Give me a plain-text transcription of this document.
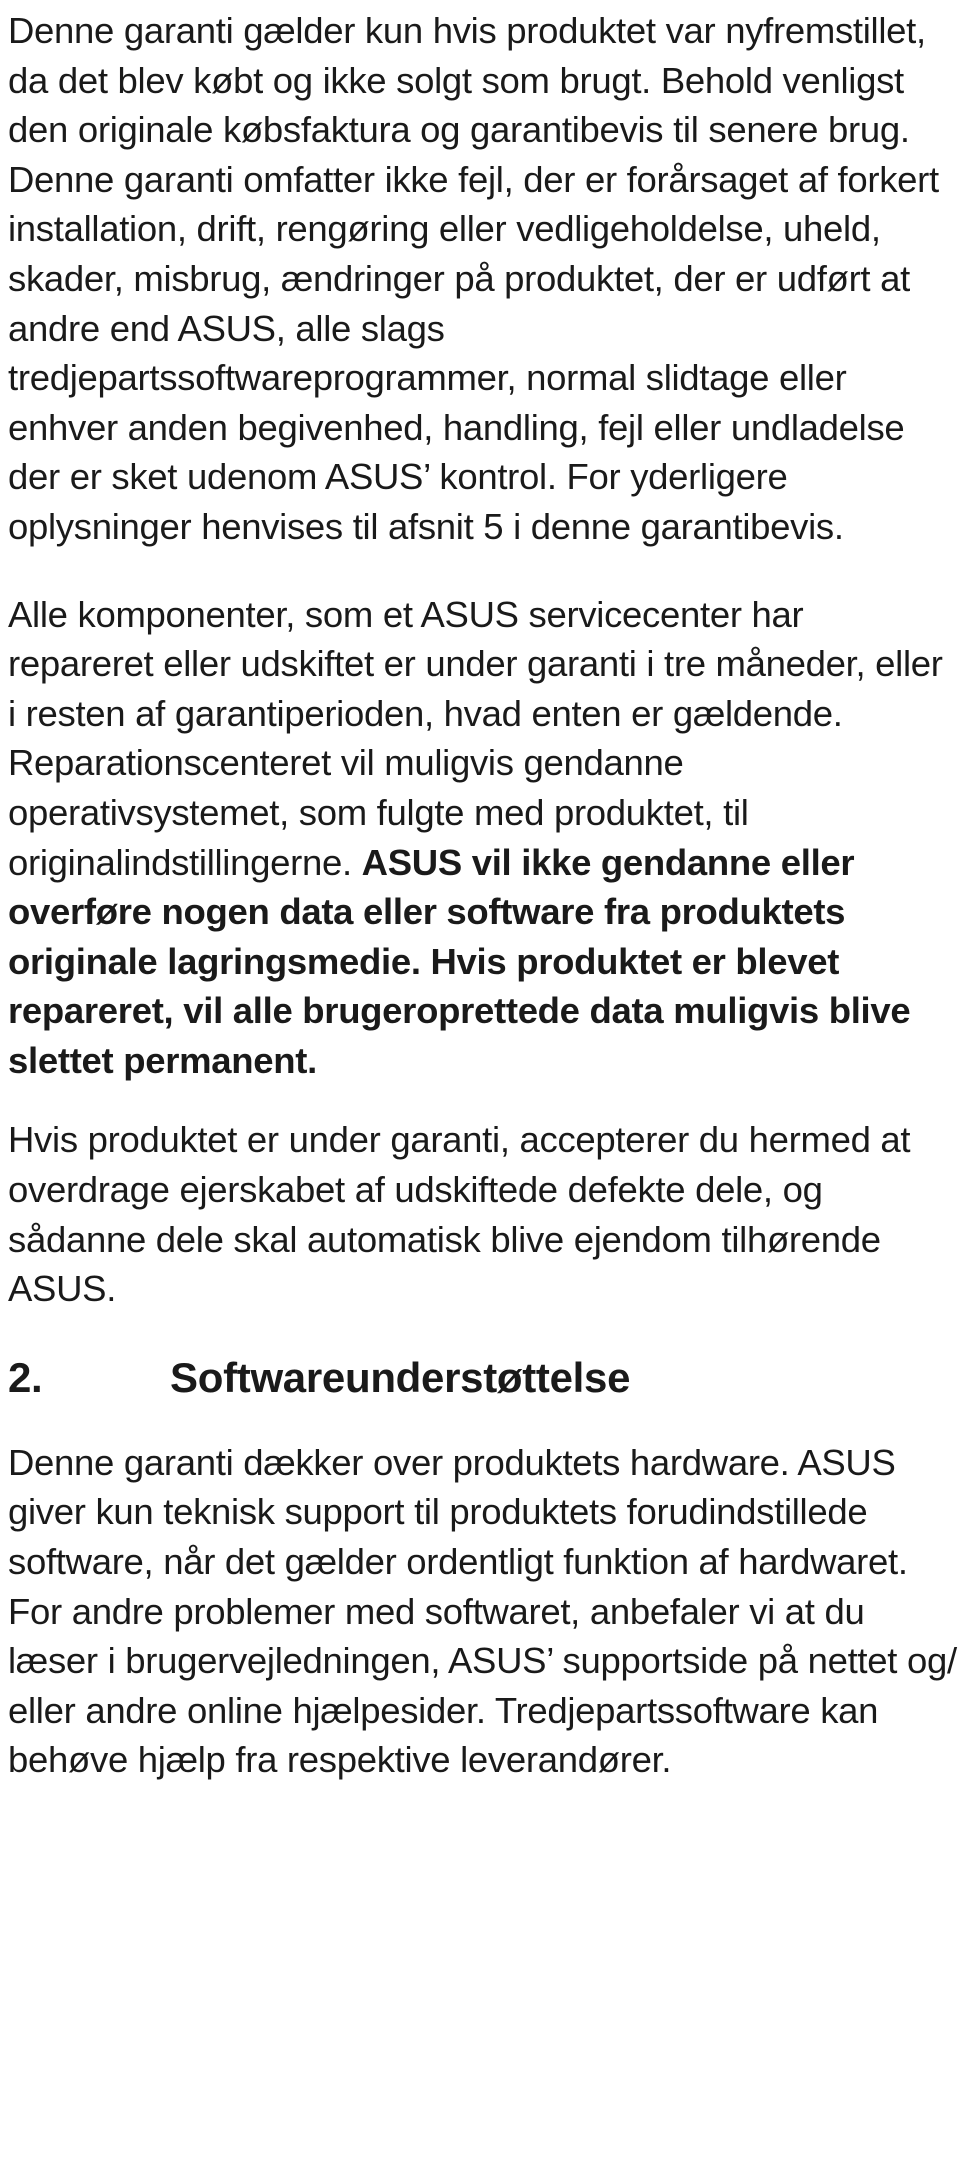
Denne garanti gælder kun hvis produktet var nyfremstillet, da det blev købt og ikke solgt som brugt. Behold venligst den originale købsfaktura og garantibevis til senere brug. Denne garanti omfatter ikke fejl, der er forårsaget af forkert installation, drift, rengøring eller vedligeholdelse, uheld, skader, misbrug, ændringer på produktet, der er udført at andre end ASUS, alle slags tredjepartssoftwareprogrammer, normal slidtage eller enhver anden begivenhed, handling, fejl eller undladelse der er sket udenom ASUS’ kontrol. For yderligere oplysninger henvises til afsnit 5 i denne garantibevis.

Alle komponenter, som et ASUS servicecenter har repareret eller udskiftet er under garanti i tre måneder, eller i resten af garantiperioden, hvad enten er gældende. Reparationscenteret vil muligvis gendanne operativsystemet, som fulgte med produktet, til originalindstillingerne. ASUS vil ikke gendanne eller overføre nogen data eller software fra produktets originale lagringsmedie. Hvis produktet er blevet repareret, vil alle brugeroprettede data muligvis blive slettet permanent.

Hvis produktet er under garanti, accepterer du hermed at overdrage ejerskabet af udskiftede defekte dele, og sådanne dele skal automatisk blive ejendom tilhørende ASUS.

2.	Softwareunderstøttelse

Denne garanti dækker over produktets hardware. ASUS giver kun teknisk support til produktets forudindstillede software, når det gælder ordentligt funktion af hardwaret. For andre problemer med softwaret, anbefaler vi at du læser i brugervejledningen, ASUS’ supportside på nettet og/ eller andre online hjælpesider. Tredjepartssoftware kan behøve hjælp fra respektive leverandører.
